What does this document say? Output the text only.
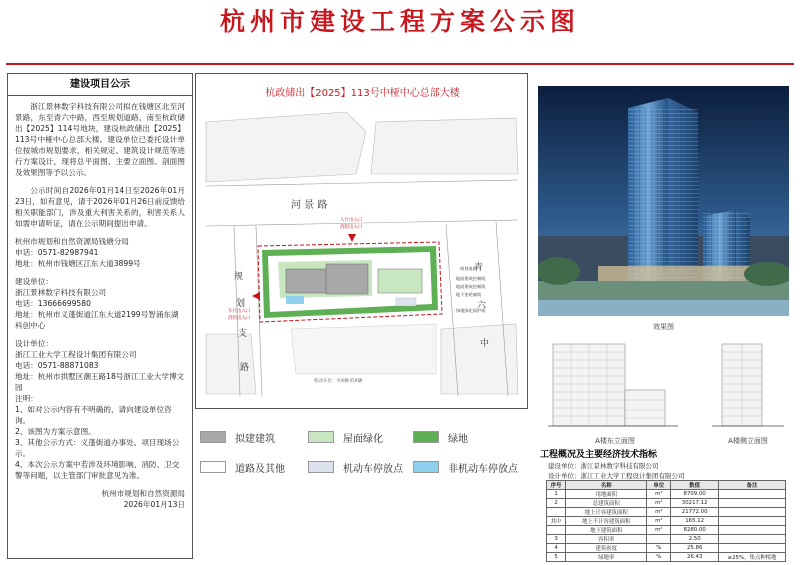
杭州市建设工程方案公示图
建设项目公示

浙江景林数字科技有限公司拟在钱塘区北至河景路，东至青六中路，西至规划道路，南至杭政储出【2025】114号地块，建设杭政储出【2025】113号中桠中心总部大楼。建设单位已委托设计单位按城市规划要求，相关规定、建筑设计规范等进行方案设计，现将总平面图、主要立面图、剖面图及效果图等予以公示。

公示时间自2026年01月14日至2026年01月23日，如有意见，请于2026年01月26日前反馈给相关职能部门，涉及重大利害关系的，利害关系人如需申请听证，请在公示期间提出申请。

杭州市规划和自然资源局钱塘分局

申话：0571-82987941

地址：杭州市钱塘区江东大道3899号

建设单位：

浙江景林数字科技有限公司

电话：13666699580

地址：杭州市义蓬街道江东大道2199号智涌东湖科创中心

设计单位：

浙江工业大学工程设计集团有限公司

电话：0571-88871083

地址：杭州市拱墅区潮王路18号浙江工业大学博文园

注明：

1、如对公示内容有不明确的，请向建设单位咨询。

2、该图为方案示意图。

3、其他公示方式：义蓬街道办事处、项目现场公示。

4、本次公示方案中若涉及环境影响、消防、卫交警等问题，以主管部门审批意见为准。

杭州市规划和自然资源局

2026年01月13日

杭政储出【2025】113号中桠中心总部大楼
河 景 路
规
划
支
路
青
六
中
人行出入口
消防出入口
车行出入口
消防出入口
规划道路
地面建筑控制线
地面建筑控制线
地下室轮廓线
绿地绿化保护线
机动车位：共X辆 约X辆
拟建建筑	屋面绿化	绿地
道路及其他	机动车停放点	非机动车停放点
效果图
A楼东立面图	A楼侧立面图
工程概况及主要经济技术指标
建设单位：浙江景林数字科技有限公司
设计单位：浙江工业大学工程设计集团有限公司
序号	名称	单位	数值	备注
1	用地面积	m²	8709.00	
2	总建筑面积	m²	30217.12	
	地上计容建筑面积	m²	21772.00	
其中	地上不计容建筑面积	m²	165.12	
	地下建筑面积	m²	8280.00	
3	容积率		2.50	
4	建筑密度	%	25.86	
5	绿地率	%	26.43	≥25%，集点种植地
